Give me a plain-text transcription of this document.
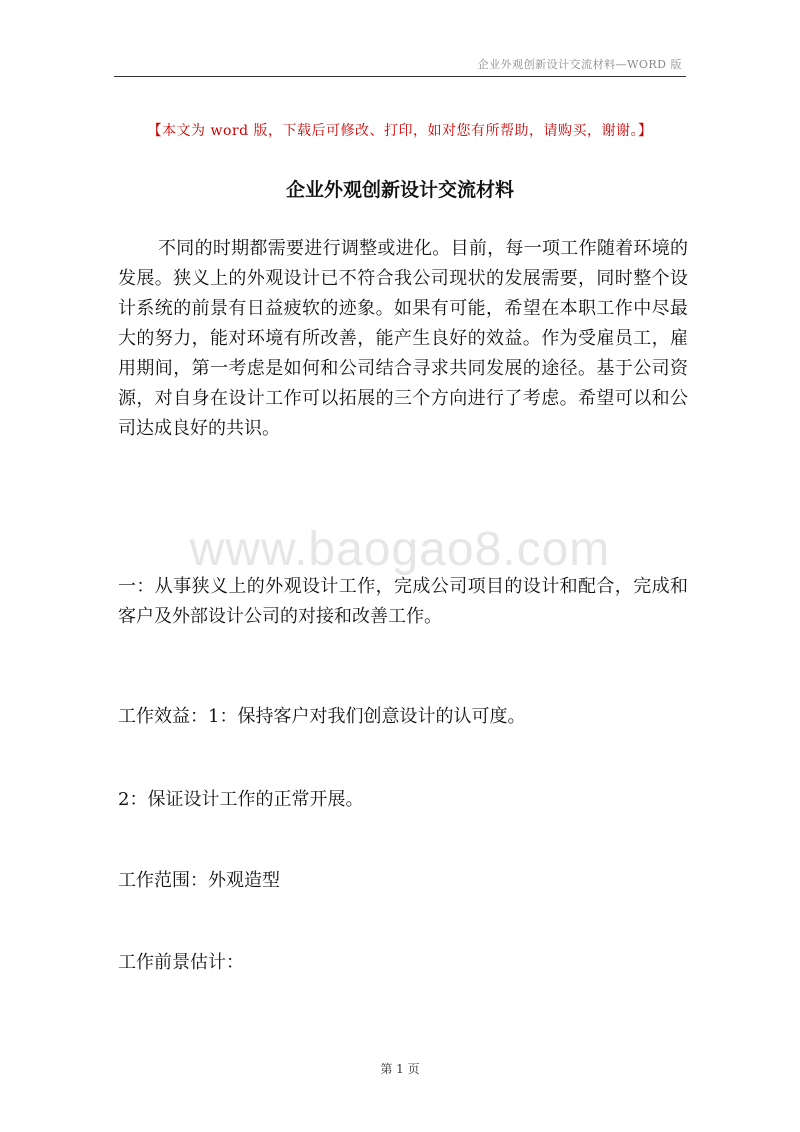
企业外观创新设计交流材料—WORD 版
【本文为 word 版，下载后可修改、打印，如对您有所帮助，请购买，谢谢。】
企业外观创新设计交流材料
不同的时期都需要进行调整或进化。目前，每一项工作随着环境的发展。狭义上的外观设计已不符合我公司现状的发展需要，同时整个设计系统的前景有日益疲软的迹象。如果有可能，希望在本职工作中尽最大的努力，能对环境有所改善，能产生良好的效益。作为受雇员工，雇用期间，第一考虑是如何和公司结合寻求共同发展的途径。基于公司资源，对自身在设计工作可以拓展的三个方向进行了考虑。希望可以和公司达成良好的共识。
www.baogao8.com
一：从事狭义上的外观设计工作，完成公司项目的设计和配合，完成和客户及外部设计公司的对接和改善工作。
工作效益：1：保持客户对我们创意设计的认可度。
2：保证设计工作的正常开展。
工作范围：外观造型
工作前景估计：
第 1 页
